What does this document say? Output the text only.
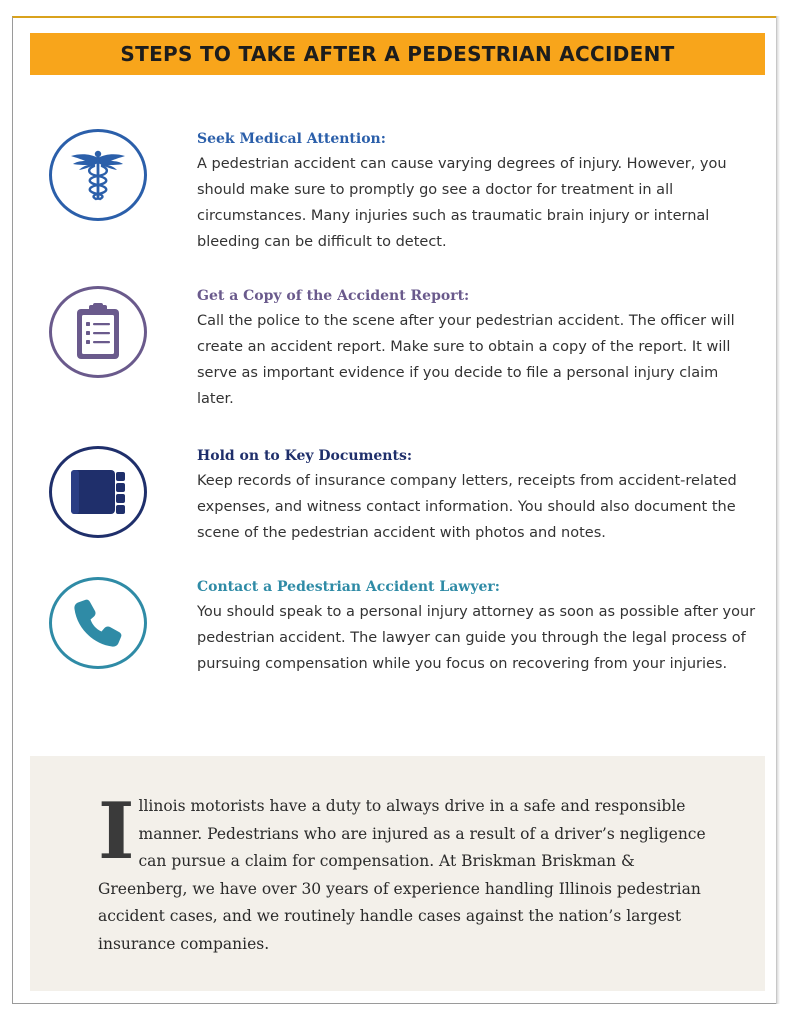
STEPS TO TAKE AFTER A PEDESTRIAN ACCIDENT

Seek Medical Attention:

A pedestrian accident can cause varying degrees of injury. However, you should make sure to promptly go see a doctor for treatment in all circumstances. Many injuries such as traumatic brain injury or internal bleeding can be difficult to detect.

Get a Copy of the Accident Report:

Call the police to the scene after your pedestrian accident. The officer will create an accident report. Make sure to obtain a copy of the report. It will serve as important evidence if you decide to file a personal injury claim later.

Hold on to Key Documents:

Keep records of insurance company letters, receipts from accident-related expenses, and witness contact information. You should also document the scene of the pedestrian accident with photos and notes.

Contact a Pedestrian Accident Lawyer:

You should speak to a personal injury attorney as soon as possible after your pedestrian accident. The lawyer can guide you through the legal process of pursuing compensation while you focus on recovering from your injuries.

Illinois motorists have a duty to always drive in a safe and responsible manner. Pedestrians who are injured as a result of a driver’s negligence can pursue a claim for compensation. At Briskman Briskman & Greenberg, we have over 30 years of experience handling Illinois pedestrian accident cases, and we routinely handle cases against the nation’s largest insurance companies.
